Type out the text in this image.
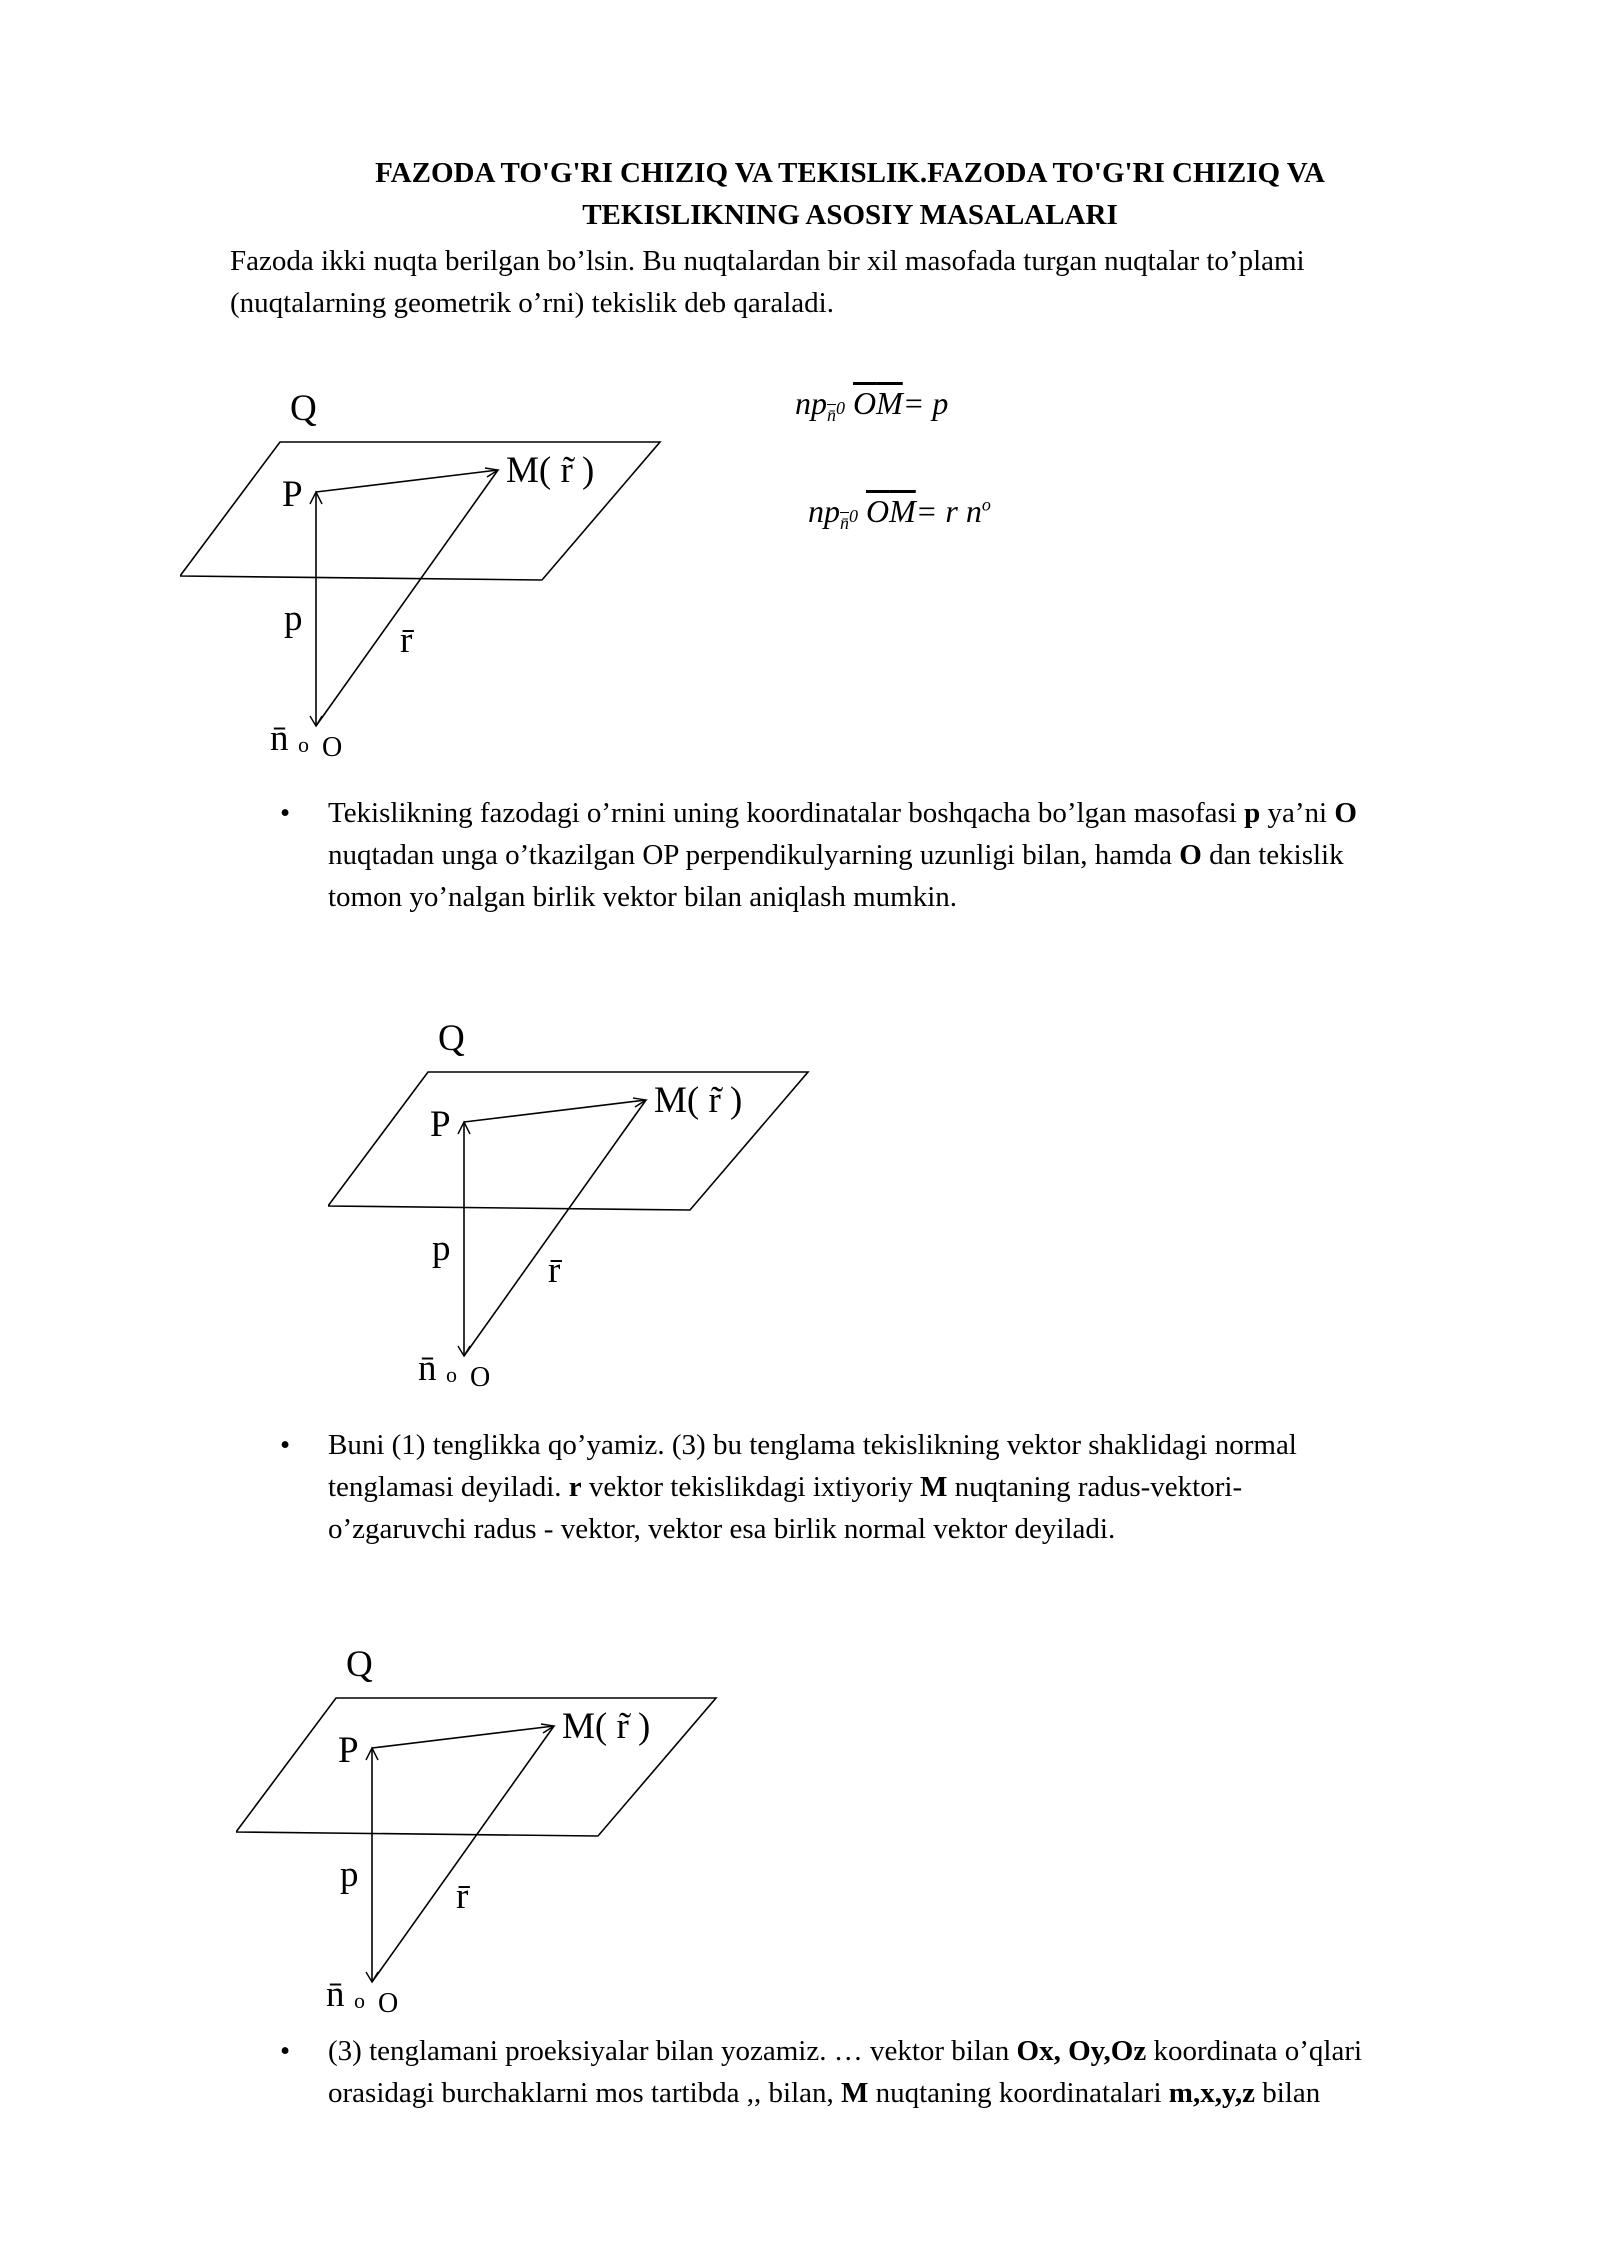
FAZODA TO'G'RI CHIZIQ VA TEKISLIK.FAZODA TO'G'RI CHIZIQ VA
TEKISLIKNING ASOSIY MASALALARI
Fazoda ikki nuqta berilgan bo’lsin. Bu nuqtalardan bir xil masofada turgan nuqtalar to’plami
(nuqtalarning geometrik o’rni) tekislik deb qaraladi.
Q
P
M( r̃ )
p
r̄
n̄ o O
$np_{n̄^0}$ $\overline{O}\overline{M}= p$
$np_{n̄^0}$ $\overline{O}\overline{M}= r$ $n^o$
• Tekislikning fazodagi o’rnini uning koordinatalar boshqacha bo’lgan masofasi p ya’ni O
nuqtadan unga o’tkazilgan OP perpendikulyarning uzunligi bilan, hamda O dan tekislik
tomon yo’nalgan birlik vektor bilan aniqlash mumkin.
Q
P
M( r̃ )
p
r̄
n̄ o O
• Buni (1) tenglikka qo’yamiz. (3) bu tenglama tekislikning vektor shaklidagi normal
tenglamasi deyiladi. r vektor tekislikdagi ixtiyoriy M nuqtaning radus-vektori-
o’zgaruvchi radus - vektor, vektor esa birlik normal vektor deyiladi.
Q
P
M( r̃ )
p
r̄
n̄ o O
• (3) tenglamani proeksiyalar bilan yozamiz. … vektor bilan Ox, Oy,Oz koordinata o’qlari
orasidagi burchaklarni mos tartibda ,, bilan, M nuqtaning koordinatalari m,x,y,z bilan
